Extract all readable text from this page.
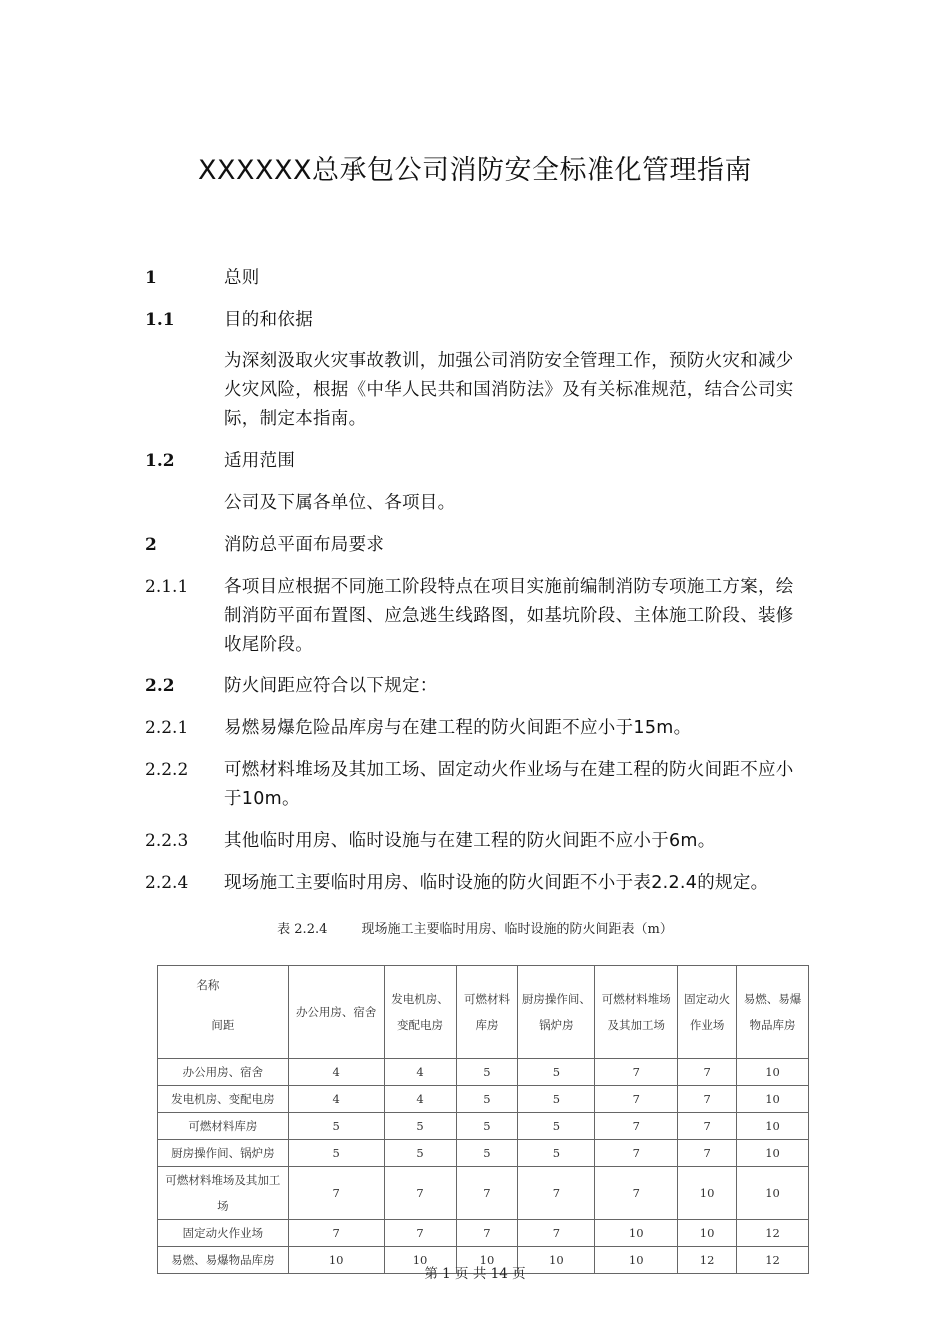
XXXXXX总承包公司消防安全标准化管理指南
1	总则
1.1	目的和依据
为深刻汲取火灾事故教训，加强公司消防安全管理工作，预防火灾和减少火灾风险，根据《中华人民共和国消防法》及有关标准规范，结合公司实际，制定本指南。
1.2	适用范围
公司及下属各单位、各项目。
2	消防总平面布局要求
2.1.1 各项目应根据不同施工阶段特点在项目实施前编制消防专项施工方案，绘制消防平面布置图、应急逃生线路图，如基坑阶段、主体施工阶段、装修收尾阶段。
2.2	防火间距应符合以下规定：
2.2.1 易燃易爆危险品库房与在建工程的防火间距不应小于15m。
2.2.2 可燃材料堆场及其加工场、固定动火作业场与在建工程的防火间距不应小于10m。
2.2.3 其他临时用房、临时设施与在建工程的防火间距不应小于6m。
2.2.4 现场施工主要临时用房、临时设施的防火间距不小于表2.2.4的规定。
表 2.2.4	现场施工主要临时用房、临时设施的防火间距表（m）
名称
间距	办公用房、宿舍	发电机房、变配电房	可燃材料库房	厨房操作间、锅炉房	可燃材料堆场及其加工场	固定动火作业场	易燃、易爆物品库房
办公用房、宿舍	4	4	5	5	7	7	10
发电机房、变配电房	4	4	5	5	7	7	10
可燃材料库房	5	5	5	5	7	7	10
厨房操作间、锅炉房	5	5	5	5	7	7	10
可燃材料堆场及其加工场	7	7	7	7	7	10	10
固定动火作业场	7	7	7	7	10	10	12
易燃、易爆物品库房	10	10	10	10	10	12	12
第 1 页 共 14 页
